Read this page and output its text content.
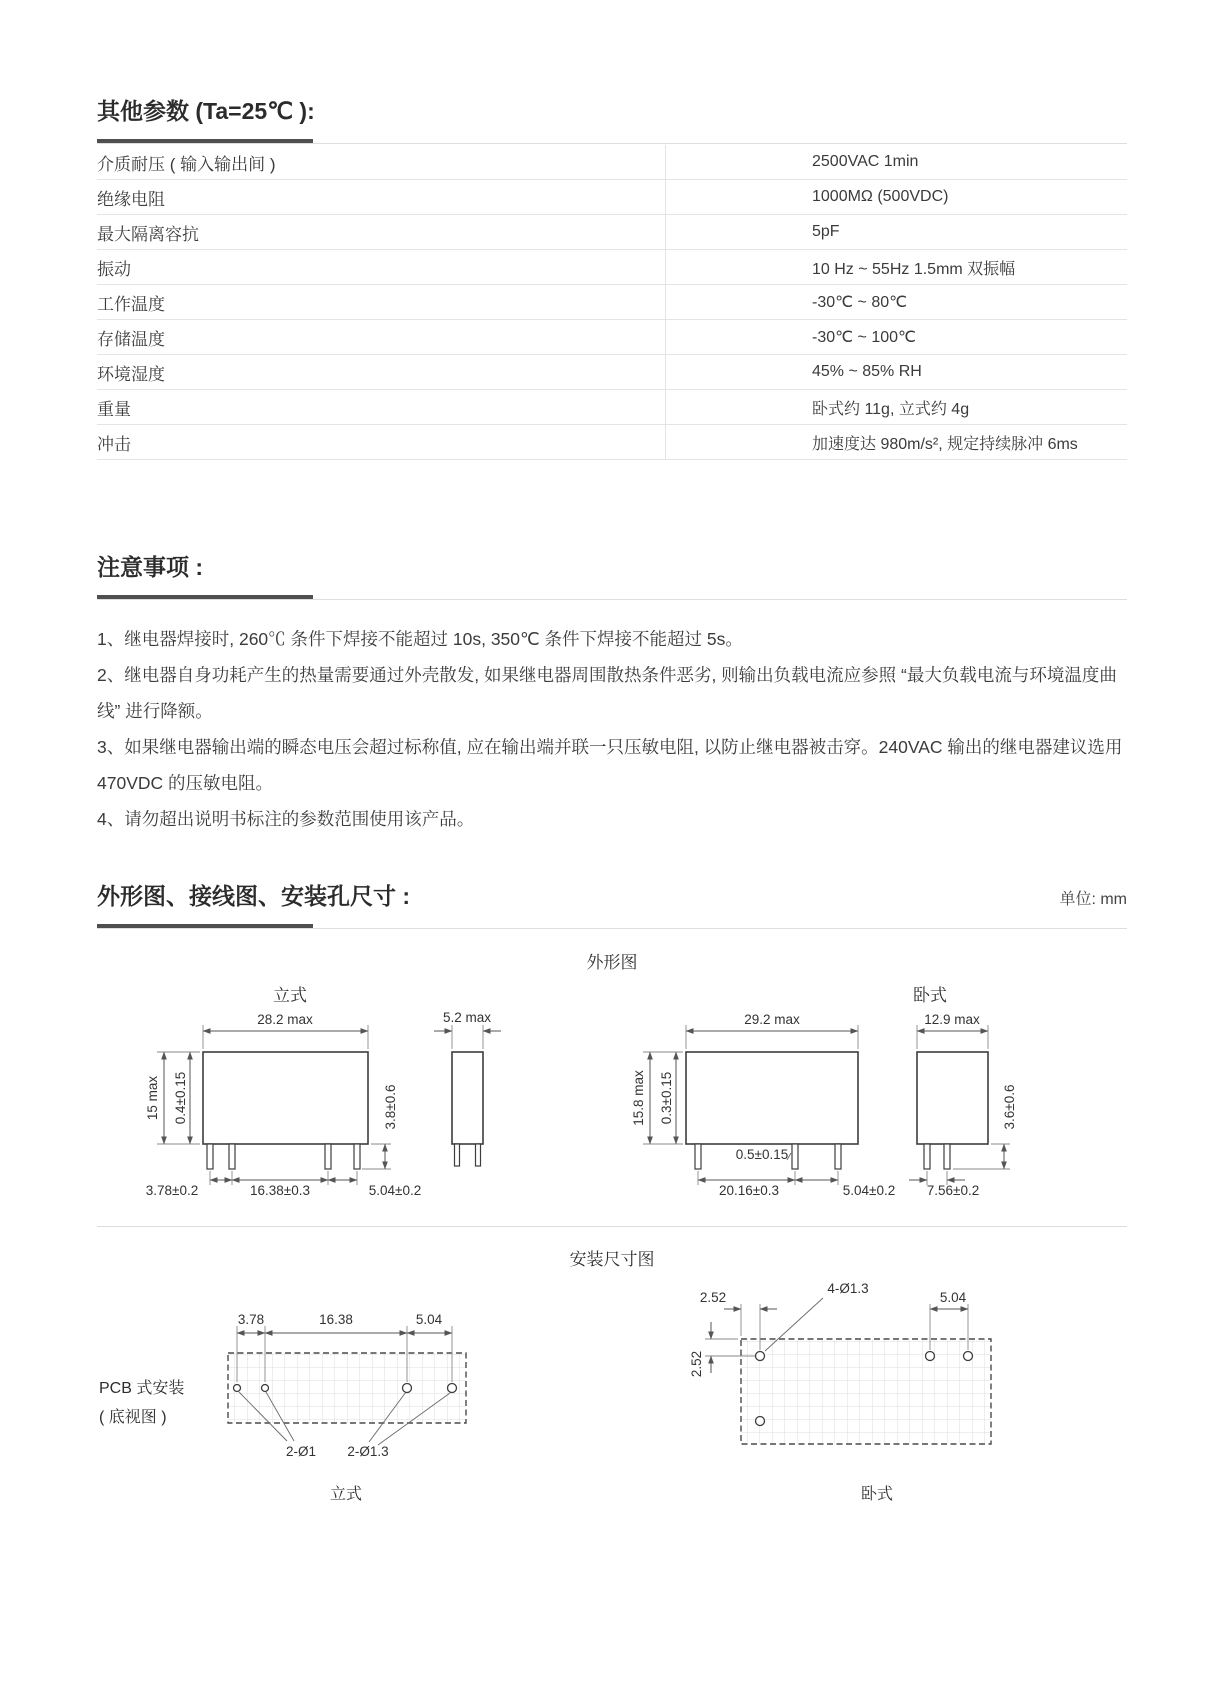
其他参数 (Ta=25℃ ):
介质耐压 ( 输入输出间 )	2500VAC 1min
绝缘电阻	1000MΩ (500VDC)
最大隔离容抗	5pF
振动	10 Hz ~ 55Hz 1.5mm 双振幅
工作温度	-30℃ ~ 80℃
存储温度	-30℃ ~ 100℃
环境湿度	45% ~ 85% RH
重量	卧式约 11g, 立式约 4g
冲击	加速度达 980m/s², 规定持续脉冲 6ms
注意事项 :

1、继电器焊接时, 260℃ 条件下焊接不能超过 10s, 350℃ 条件下焊接不能超过 5s。

2、继电器自身功耗产生的热量需要通过外壳散发, 如果继电器周围散热条件恶劣, 则输出负载电流应参照 “最大负载电流与环境温度曲线” 进行降额。

3、如果继电器输出端的瞬态电压会超过标称值, 应在输出端并联一只压敏电阻, 以防止继电器被击穿。240VAC 输出的继电器建议选用 470VDC 的压敏电阻。

4、请勿超出说明书标注的参数范围使用该产品。

外形图、接线图、安装孔尺寸 :	单位: mm
外形图
立式
28.2 max
15 max 0.4±0.15	3.8±0.6
3.78±0.2	16.38±0.3	5.04±0.2
5.2 max
卧式
29.2 max
15.8 max 0.3±0.15
0.5±0.15
20.16±0.3	5.04±0.2
12.9 max
3.6±0.6
7.56±0.2
安装尺寸图
PCB 式安装
( 底视图 )
3.78	16.38	5.04
2-Ø1 2-Ø1.3
立式
2.52
4-Ø1.3
5.04
2.52
卧式
